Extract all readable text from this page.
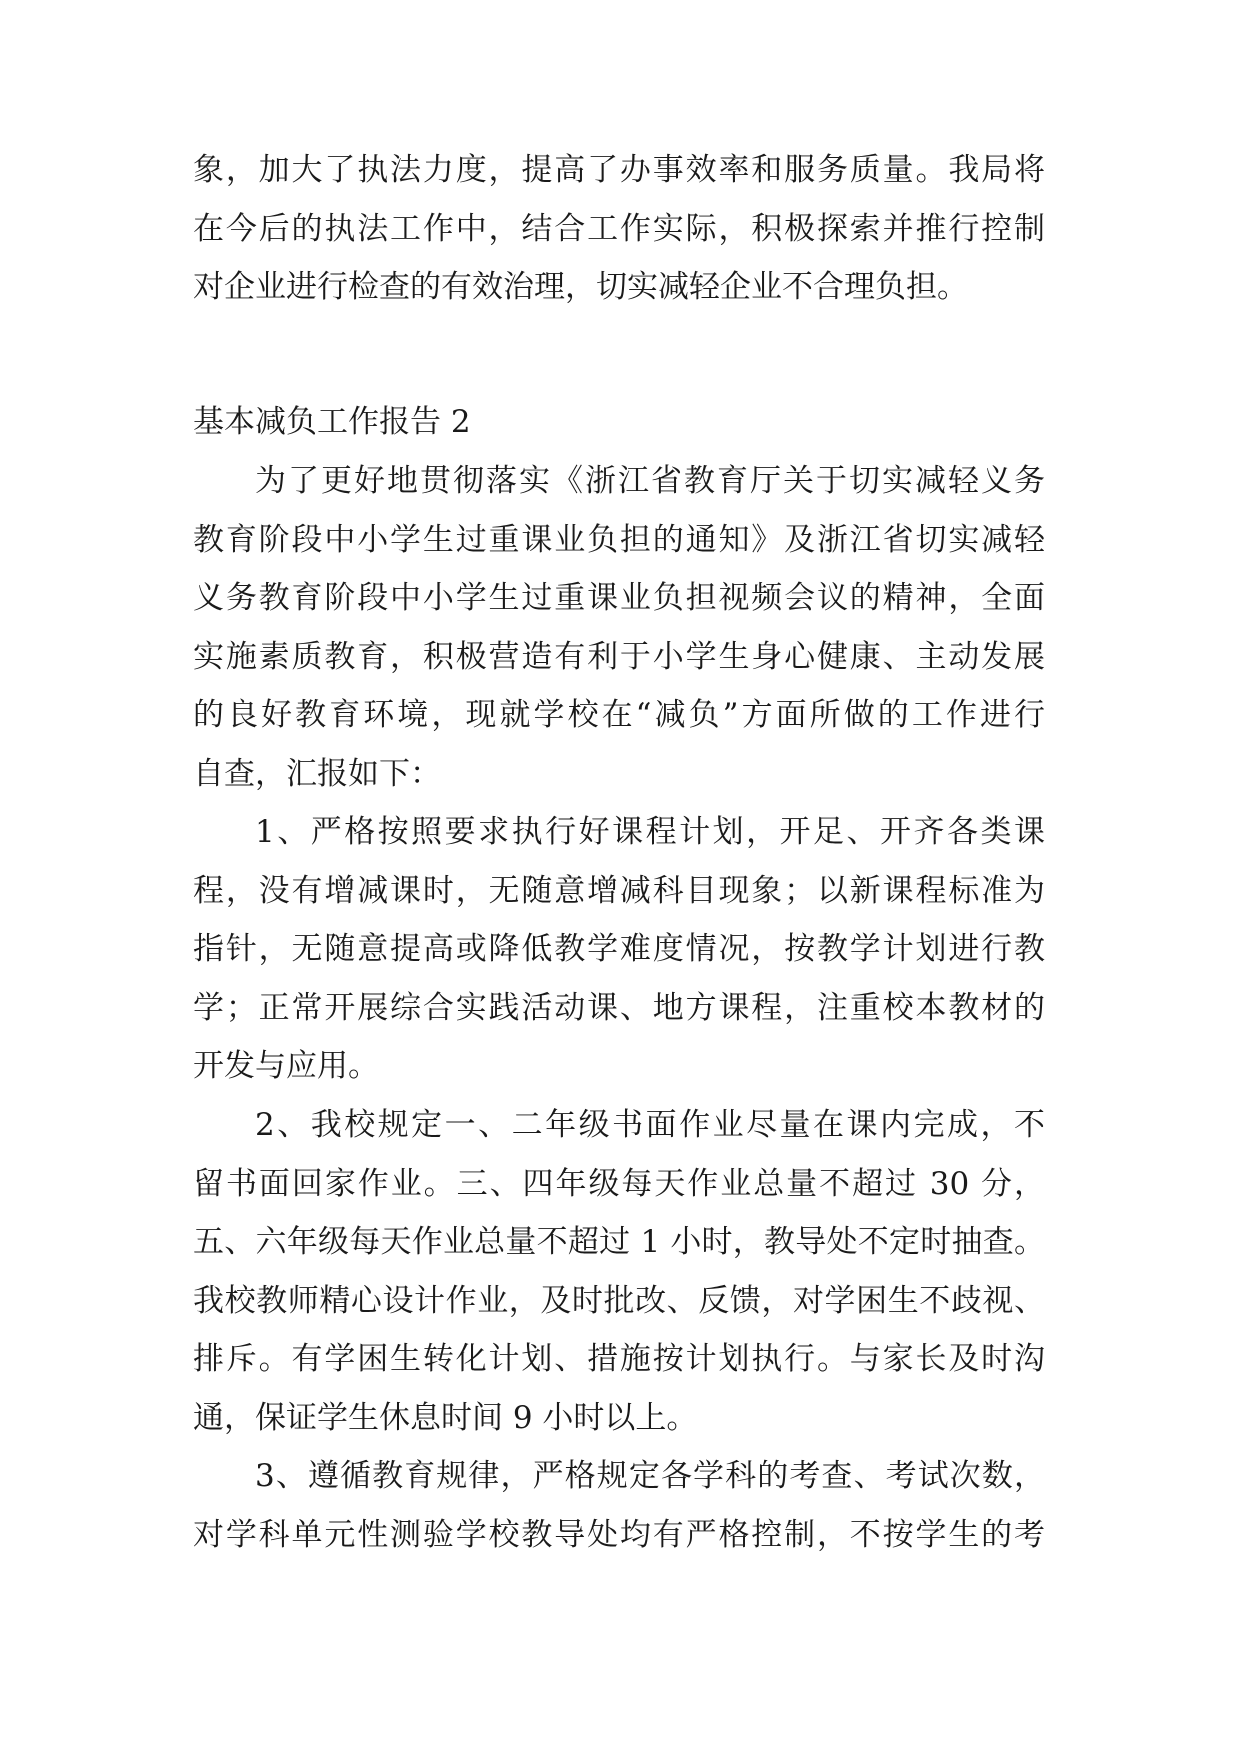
象，加大了执法力度，提高了办事效率和服务质量。我局将
在今后的执法工作中，结合工作实际，积极探索并推行控制
对企业进行检查的有效治理，切实减轻企业不合理负担。
基本减负工作报告 2
为了更好地贯彻落实《浙江省教育厅关于切实减轻义务
教育阶段中小学生过重课业负担的通知》及浙江省切实减轻
义务教育阶段中小学生过重课业负担视频会议的精神，全面
实施素质教育，积极营造有利于小学生身心健康、主动发展
的良好教育环境，现就学校在“减负”方面所做的工作进行
自查，汇报如下：
1、严格按照要求执行好课程计划，开足、开齐各类课
程，没有增减课时，无随意增减科目现象；以新课程标准为
指针，无随意提高或降低教学难度情况，按教学计划进行教
学；正常开展综合实践活动课、地方课程，注重校本教材的
开发与应用。
2、我校规定一、二年级书面作业尽量在课内完成，不
留书面回家作业。三、四年级每天作业总量不超过 30 分，
五、六年级每天作业总量不超过 1 小时，教导处不定时抽查。
我校教师精心设计作业，及时批改、反馈，对学困生不歧视、
排斥。有学困生转化计划、措施按计划执行。与家长及时沟
通，保证学生休息时间 9 小时以上。
3、遵循教育规律，严格规定各学科的考查、考试次数，
对学科单元性测验学校教导处均有严格控制，不按学生的考
